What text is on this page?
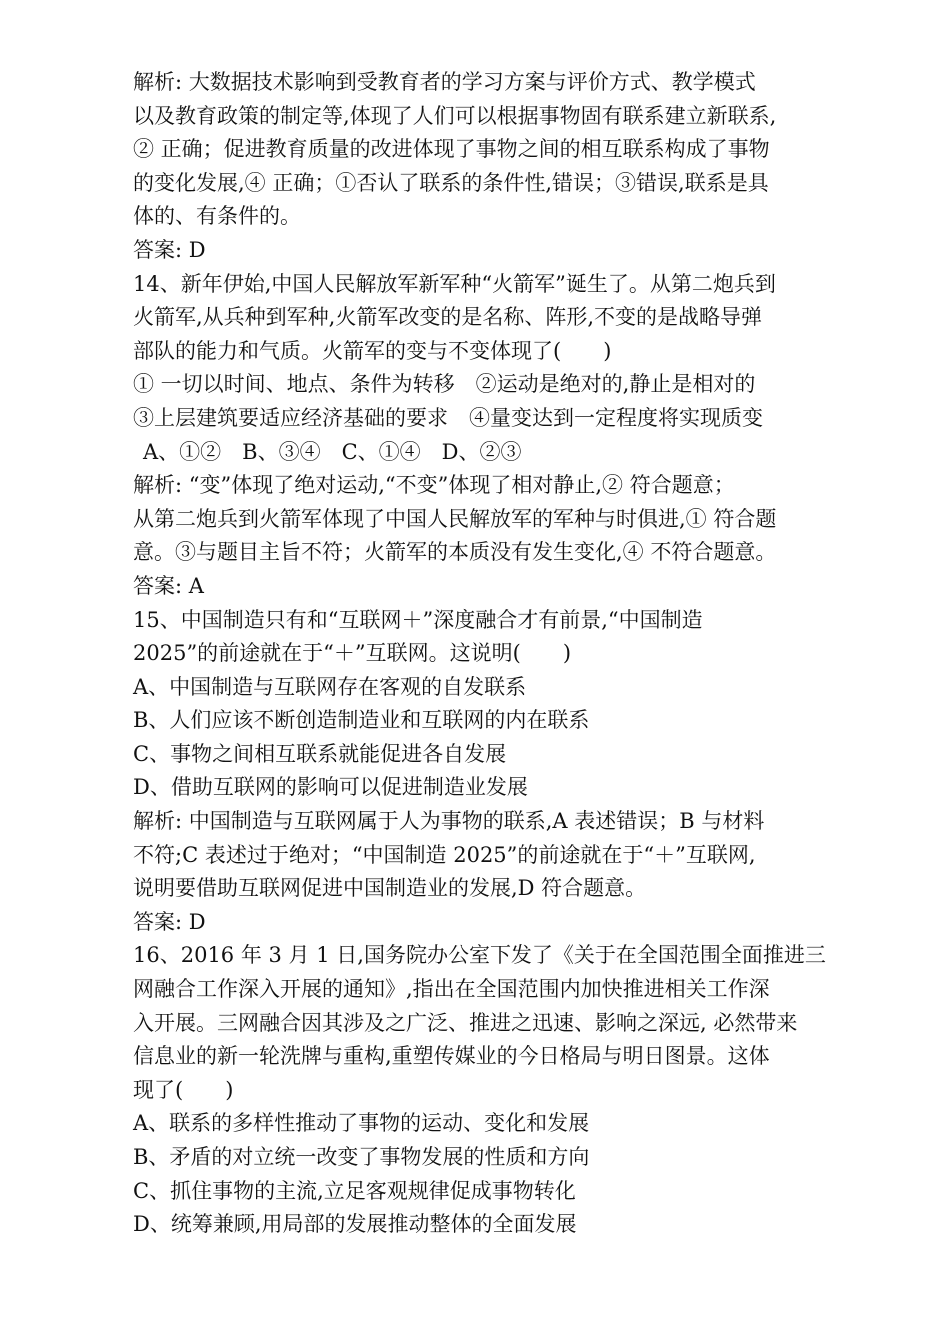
解析: 大数据技术影响到受教育者的学习方案与评价方式、教学模式
以及教育政策的制定等,体现了人们可以根据事物固有联系建立新联系,
② 正确；促进教育质量的改进体现了事物之间的相互联系构成了事物
的变化发展,④ 正确；①否认了联系的条件性,错误；③错误,联系是具
体的、有条件的。
答案: D
14、新年伊始,中国人民解放军新军种“火箭军”诞生了。从第二炮兵到
火箭军,从兵种到军种,火箭军改变的是名称、阵形,不变的是战略导弹
部队的能力和气质。火箭军的变与不变体现了(　　)
① 一切以时间、地点、条件为转移　②运动是绝对的,静止是相对的
③上层建筑要适应经济基础的要求　④量变达到一定程度将实现质变
A、①②　B、③④　C、①④　D、②③
解析: “变”体现了绝对运动,“不变”体现了相对静止,② 符合题意；
从第二炮兵到火箭军体现了中国人民解放军的军种与时俱进,① 符合题
意。③与题目主旨不符；火箭军的本质没有发生变化,④ 不符合题意。
答案: A
15、中国制造只有和“互联网＋”深度融合才有前景,“中国制造
2025”的前途就在于“＋”互联网。这说明(　　)
A、中国制造与互联网存在客观的自发联系
B、人们应该不断创造制造业和互联网的内在联系
C、事物之间相互联系就能促进各自发展
D、借助互联网的影响可以促进制造业发展
解析: 中国制造与互联网属于人为事物的联系,A 表述错误；B 与材料
不符;C 表述过于绝对；“中国制造 2025”的前途就在于“＋”互联网,
说明要借助互联网促进中国制造业的发展,D 符合题意。
答案: D
16、2016 年 3 月 1 日,国务院办公室下发了《关于在全国范围全面推进三
网融合工作深入开展的通知》,指出在全国范围内加快推进相关工作深
入开展。三网融合因其涉及之广泛、推进之迅速、影响之深远, 必然带来
信息业的新一轮洗牌与重构,重塑传媒业的今日格局与明日图景。这体
现了(　　)
A、联系的多样性推动了事物的运动、变化和发展
B、矛盾的对立统一改变了事物发展的性质和方向
C、抓住事物的主流,立足客观规律促成事物转化
D、统筹兼顾,用局部的发展推动整体的全面发展
